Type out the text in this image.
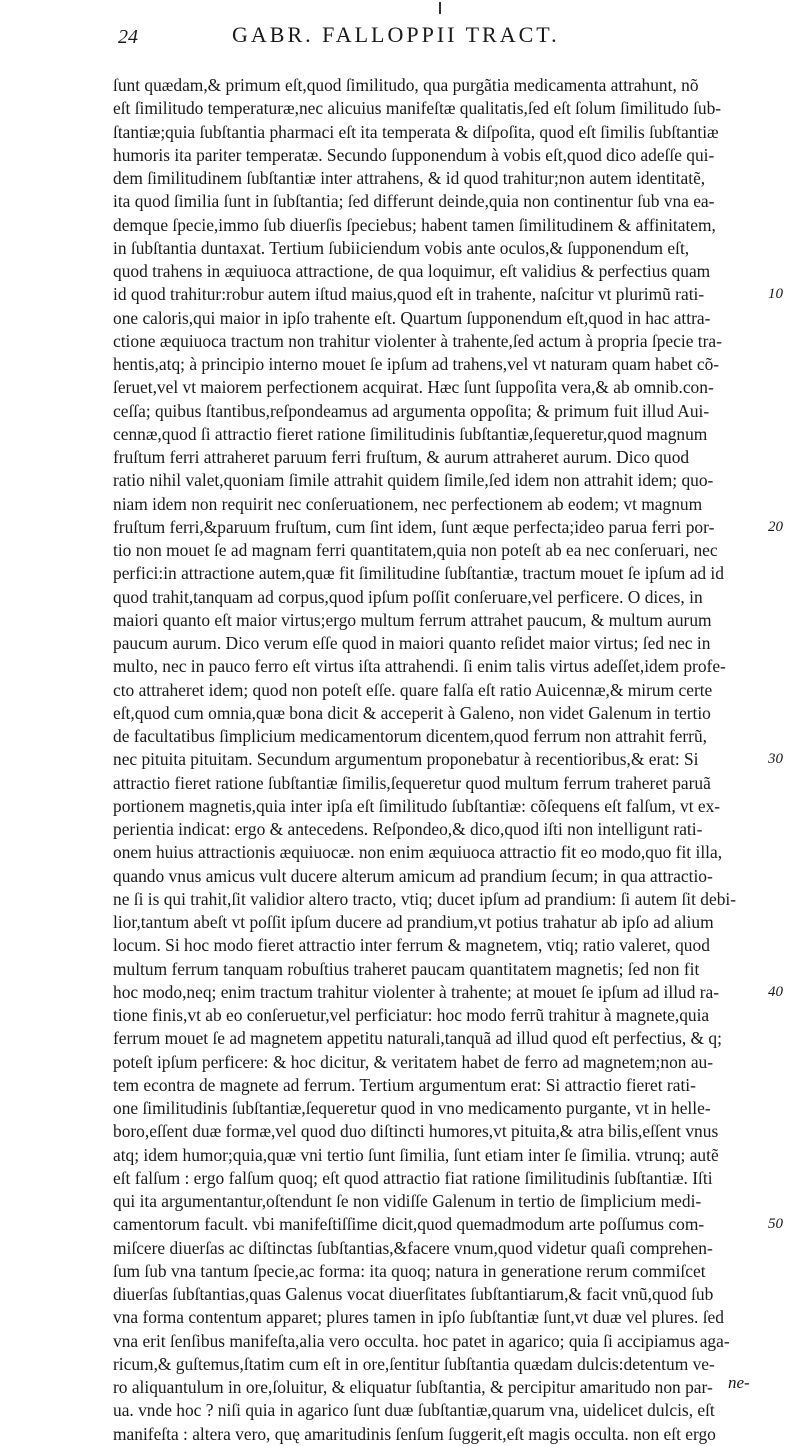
24	GABR. FALLOPPII TRACT.
ſunt quædam,& primum eſt,quod ſimilitudo, qua purgãtia medicamenta attrahunt, nõ
eſt ſimilitudo temperaturæ,nec alicuius manifeſtæ qualitatis,ſed eſt ſolum ſimilitudo ſub-
ſtantiæ;quia ſubſtantia pharmaci eſt ita temperata & diſpoſita, quod eſt ſimilis ſubſtantiæ
humoris ita pariter temperatæ. Secundo ſupponendum à vobis eſt,quod dico adeſſe qui-
dem ſimilitudinem ſubſtantiæ inter attrahens, & id quod trahitur;non autem identitatẽ,
ita quod ſimilia ſunt in ſubſtantia; ſed differunt deinde,quia non continentur ſub vna ea-
demque ſpecie,immo ſub diuerſis ſpeciebus; habent tamen ſimilitudinem & affinitatem,
in ſubſtantia duntaxat. Tertium ſubiiciendum vobis ante oculos,& ſupponendum eſt,
quod trahens in æquiuoca attractione, de qua loquimur, eſt validius & perfectius quam
id quod trahitur:robur autem iſtud maius,quod eſt in trahente, naſcitur vt plurimũ rati-
one caloris,qui maior in ipſo trahente eſt. Quartum ſupponendum eſt,quod in hac attra-
ctione æquiuoca tractum non trahitur violenter à trahente,ſed actum à propria ſpecie tra-
hentis,atq; à principio interno mouet ſe ipſum ad trahens,vel vt naturam quam habet cõ-
ſeruet,vel vt maiorem perfectionem acquirat. Hæc ſunt ſuppoſita vera,& ab omnib.con-
ceſſa; quibus ſtantibus,reſpondeamus ad argumenta oppoſita; & primum fuit illud Aui-
cennæ,quod ſi attractio fieret ratione ſimilitudinis ſubſtantiæ,ſequeretur,quod magnum
fruſtum ferri attraheret paruum ferri fruſtum, & aurum attraheret aurum. Dico quod
ratio nihil valet,quoniam ſimile attrahit quidem ſimile,ſed idem non attrahit idem; quo-
niam idem non requirit nec conſeruationem, nec perfectionem ab eodem; vt magnum
fruſtum ferri,&paruum fruſtum, cum ſint idem, ſunt æque perfecta;ideo parua ferri por-
tio non mouet ſe ad magnam ferri quantitatem,quia non poteſt ab ea nec conſeruari, nec
perfici:in attractione autem,quæ fit ſimilitudine ſubſtantiæ, tractum mouet ſe ipſum ad id
quod trahit,tanquam ad corpus,quod ipſum poſſit conſeruare,vel perficere. O dices, in
maiori quanto eſt maior virtus;ergo multum ferrum attrahet paucum, & multum aurum
paucum aurum. Dico verum eſſe quod in maiori quanto reſidet maior virtus; ſed nec in
multo, nec in pauco ferro eſt virtus iſta attrahendi. ſi enim talis virtus adeſſet,idem profe-
cto attraheret idem; quod non poteſt eſſe. quare falſa eſt ratio Auicennæ,& mirum certe
eſt,quod cum omnia,quæ bona dicit & acceperit à Galeno, non videt Galenum in tertio
de facultatibus ſimplicium medicamentorum dicentem,quod ferrum non attrahit ferrũ,
nec pituita pituitam. Secundum argumentum proponebatur à recentioribus,& erat: Si
attractio fieret ratione ſubſtantiæ ſimilis,ſequeretur quod multum ferrum traheret paruã
portionem magnetis,quia inter ipſa eſt ſimilitudo ſubſtantiæ: cõſequens eſt falſum, vt ex-
perientia indicat: ergo & antecedens. Reſpondeo,& dico,quod iſti non intelligunt rati-
onem huius attractionis æquiuocæ. non enim æquiuoca attractio fit eo modo,quo fit illa,
quando vnus amicus vult ducere alterum amicum ad prandium ſecum; in qua attractio-
ne ſi is qui trahit,ſit validior altero tracto, vtiq; ducet ipſum ad prandium: ſi autem ſit debi-
lior,tantum abeſt vt poſſit ipſum ducere ad prandium,vt potius trahatur ab ipſo ad alium
locum. Si hoc modo fieret attractio inter ferrum & magnetem, vtiq; ratio valeret, quod
multum ferrum tanquam robuſtius traheret paucam quantitatem magnetis; ſed non fit
hoc modo,neq; enim tractum trahitur violenter à trahente; at mouet ſe ipſum ad illud ra-
tione finis,vt ab eo conſeruetur,vel perficiatur: hoc modo ferrũ trahitur à magnete,quia
ferrum mouet ſe ad magnetem appetitu naturali,tanquã ad illud quod eſt perfectius, & q;
poteſt ipſum perficere: & hoc dicitur, & veritatem habet de ferro ad magnetem;non au-
tem econtra de magnete ad ferrum. Tertium argumentum erat: Si attractio fieret rati-
one ſimilitudinis ſubſtantiæ,ſequeretur quod in vno medicamento purgante, vt in helle-
boro,eſſent duæ formæ,vel quod duo diſtincti humores,vt pituita,& atra bilis,eſſent vnus
atq; idem humor;quia,quæ vni tertio ſunt ſimilia, ſunt etiam inter ſe ſimilia. vtrunq; autẽ
eſt falſum : ergo falſum quoq; eſt quod attractio fiat ratione ſimilitudinis ſubſtantiæ. Iſti
qui ita argumentantur,oſtendunt ſe non vidiſſe Galenum in tertio de ſimplicium medi-
camentorum facult. vbi manifeſtiſſime dicit,quod quemadmodum arte poſſumus com-
miſcere diuerſas ac diſtinctas ſubſtantias,&facere vnum,quod videtur quaſi comprehen-
ſum ſub vna tantum ſpecie,ac forma: ita quoq; natura in generatione rerum commiſcet
diuerſas ſubſtantias,quas Galenus vocat diuerſitates ſubſtantiarum,& facit vnũ,quod ſub
vna forma contentum apparet; plures tamen in ipſo ſubſtantiæ ſunt,vt duæ vel plures. ſed
vna erit ſenſibus manifeſta,alia vero occulta. hoc patet in agarico; quia ſi accipiamus aga-
ricum,& guſtemus,ſtatim cum eſt in ore,ſentitur ſubſtantia quædam dulcis:detentum ve-
ro aliquantulum in ore,ſoluitur, & eliquatur ſubſtantia, & percipitur amaritudo non par-
ua. vnde hoc ? niſi quia in agarico ſunt duæ ſubſtantiæ,quarum vna, uidelicet dulcis, eſt
manifeſta : altera vero, quę amaritudinis ſenſum ſuggerit,eſt magis occulta. non eſt ergo
10
20
30
40
50
ne-
